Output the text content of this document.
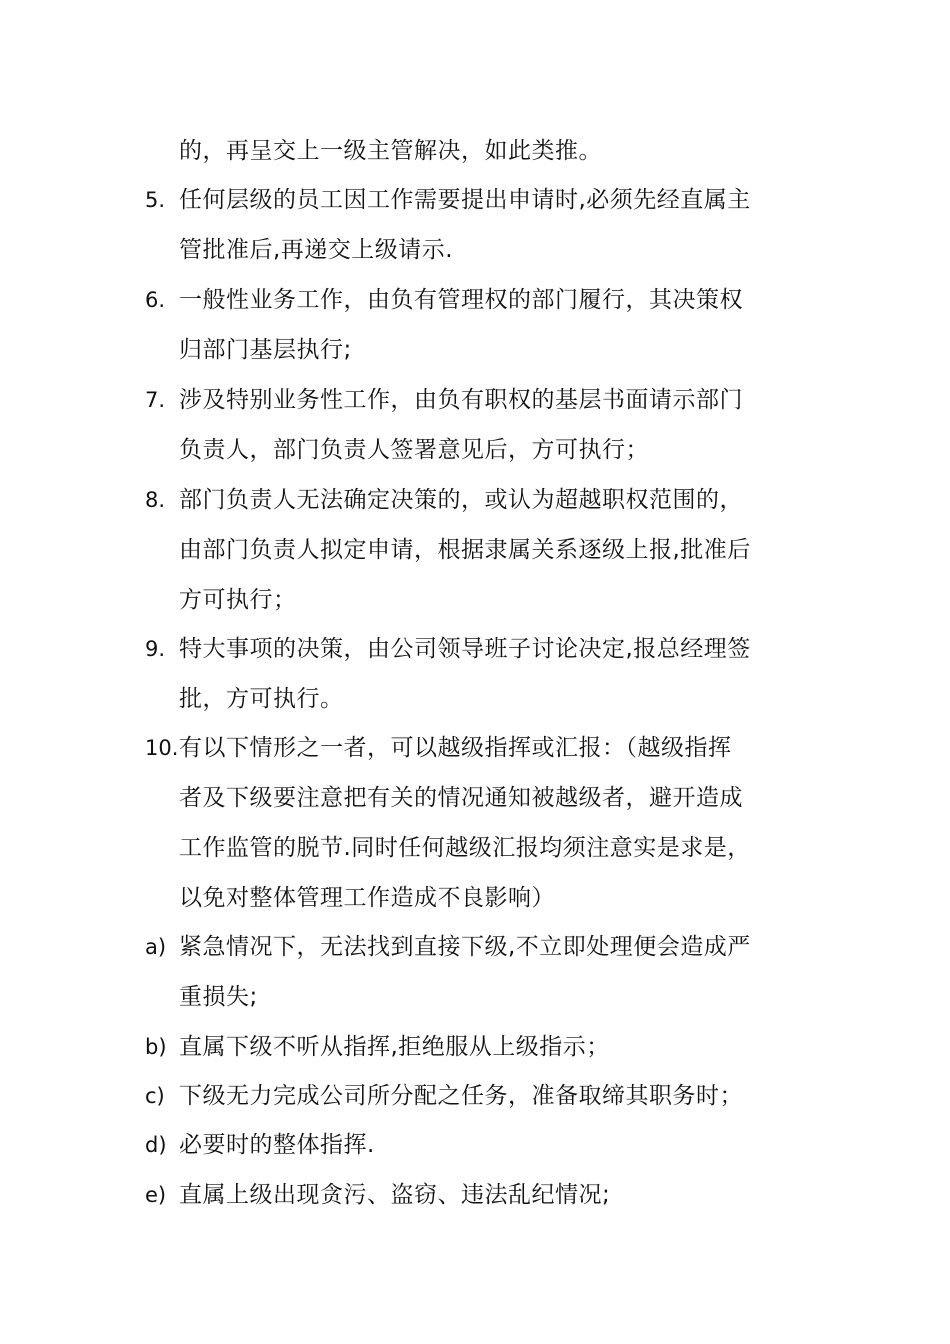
的，再呈交上一级主管解决，如此类推。
5. 任何层级的员工因工作需要提出申请时,必须先经直属主
管批准后,再递交上级请示.
6. 一般性业务工作，由负有管理权的部门履行，其决策权
归部门基层执行;
7. 涉及特别业务性工作，由负有职权的基层书面请示部门
负责人，部门负责人签署意见后，方可执行；
8. 部门负责人无法确定决策的，或认为超越职权范围的，
由部门负责人拟定申请，根据隶属关系逐级上报,批准后
方可执行；
9. 特大事项的决策，由公司领导班子讨论决定,报总经理签
批，方可执行。
10. 有以下情形之一者，可以越级指挥或汇报：（越级指挥
者及下级要注意把有关的情况通知被越级者，避开造成
工作监管的脱节.同时任何越级汇报均须注意实是求是，
以免对整体管理工作造成不良影响）
a) 紧急情况下，无法找到直接下级,不立即处理便会造成严
重损失;
b) 直属下级不听从指挥,拒绝服从上级指示；
c) 下级无力完成公司所分配之任务，准备取缔其职务时；
d) 必要时的整体指挥.
e) 直属上级出现贪污、盗窃、违法乱纪情况;
